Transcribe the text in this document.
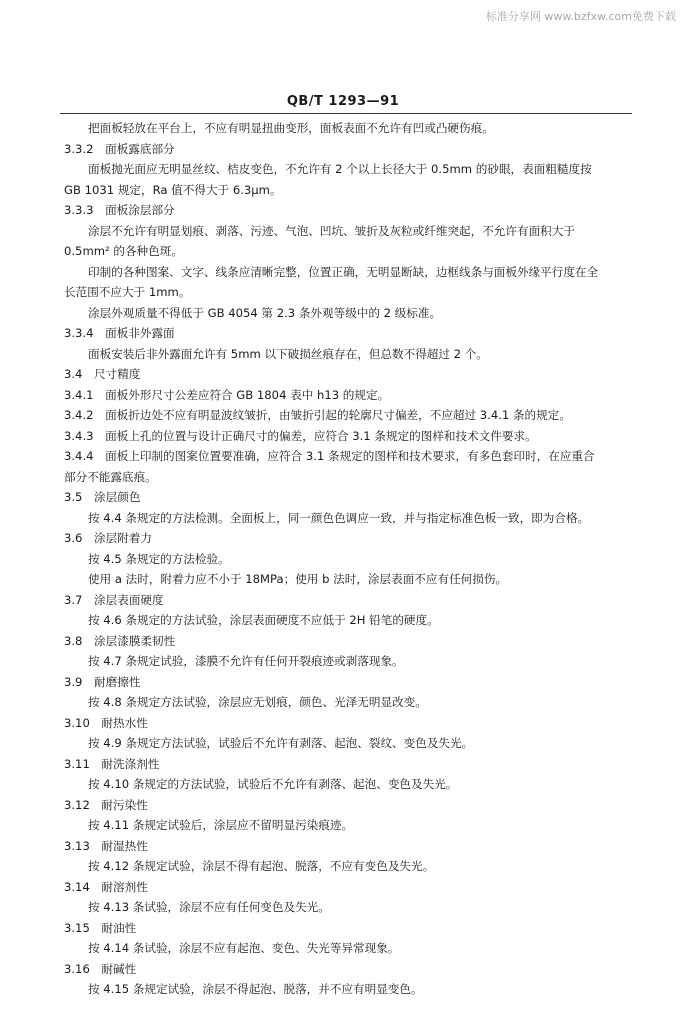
标准分享网 www.bzfxw.com免费下载
QB/T 1293—91
把面板轻放在平台上，不应有明显扭曲变形，面板表面不允许有凹或凸硬伤痕。
3.3.2　面板露底部分
面板抛光面应无明显丝纹、桔皮变色，不允许有 2 个以上长径大于 0.5mm 的砂眼，表面粗糙度按
GB 1031 规定，Ra 值不得大于 6.3μm。
3.3.3　面板涂层部分
涂层不允许有明显划痕、剥落、污迹、气泡、凹坑、皱折及灰粒或纤维突起，不允许有面积大于
0.5mm² 的各种色斑。
印制的各种图案、文字、线条应清晰完整，位置正确，无明显断缺，边框线条与面板外缘平行度在全
长范围不应大于 1mm。
涂层外观质量不得低于 GB 4054 第 2.3 条外观等级中的 2 级标准。
3.3.4　面板非外露面
面板安装后非外露面允许有 5mm 以下破损丝痕存在，但总数不得超过 2 个。
3.4　尺寸精度
3.4.1　面板外形尺寸公差应符合 GB 1804 表中 h13 的规定。
3.4.2　面板折边处不应有明显波纹皱折，由皱折引起的轮廓尺寸偏差，不应超过 3.4.1 条的规定。
3.4.3　面板上孔的位置与设计正确尺寸的偏差，应符合 3.1 条规定的图样和技术文件要求。
3.4.4　面板上印制的图案位置要准确，应符合 3.1 条规定的图样和技术要求，有多色套印时，在应重合
部分不能露底痕。
3.5　涂层颜色
按 4.4 条规定的方法检测。全面板上，同一颜色色调应一致，并与指定标准色板一致，即为合格。
3.6　涂层附着力
按 4.5 条规定的方法检验。
使用 a 法时，附着力应不小于 18MPa；使用 b 法时，涂层表面不应有任何损伤。
3.7　涂层表面硬度
按 4.6 条规定的方法试验，涂层表面硬度不应低于 2H 铅笔的硬度。
3.8　涂层漆膜柔韧性
按 4.7 条规定试验，漆膜不允许有任何开裂痕迹或剥落现象。
3.9　耐磨擦性
按 4.8 条规定方法试验，涂层应无划痕，颜色、光泽无明显改变。
3.10　耐热水性
按 4.9 条规定方法试验，试验后不允许有剥落、起泡、裂纹、变色及失光。
3.11　耐洗涤剂性
按 4.10 条规定的方法试验，试验后不允许有剥落、起泡、变色及失光。
3.12　耐污染性
按 4.11 条规定试验后，涂层应不留明显污染痕迹。
3.13　耐湿热性
按 4.12 条规定试验，涂层不得有起泡、脱落，不应有变色及失光。
3.14　耐溶剂性
按 4.13 条试验，涂层不应有任何变色及失光。
3.15　耐油性
按 4.14 条试验，涂层不应有起泡、变色、失光等异常现象。
3.16　耐碱性
按 4.15 条规定试验，涂层不得起泡、脱落，并不应有明显变色。
